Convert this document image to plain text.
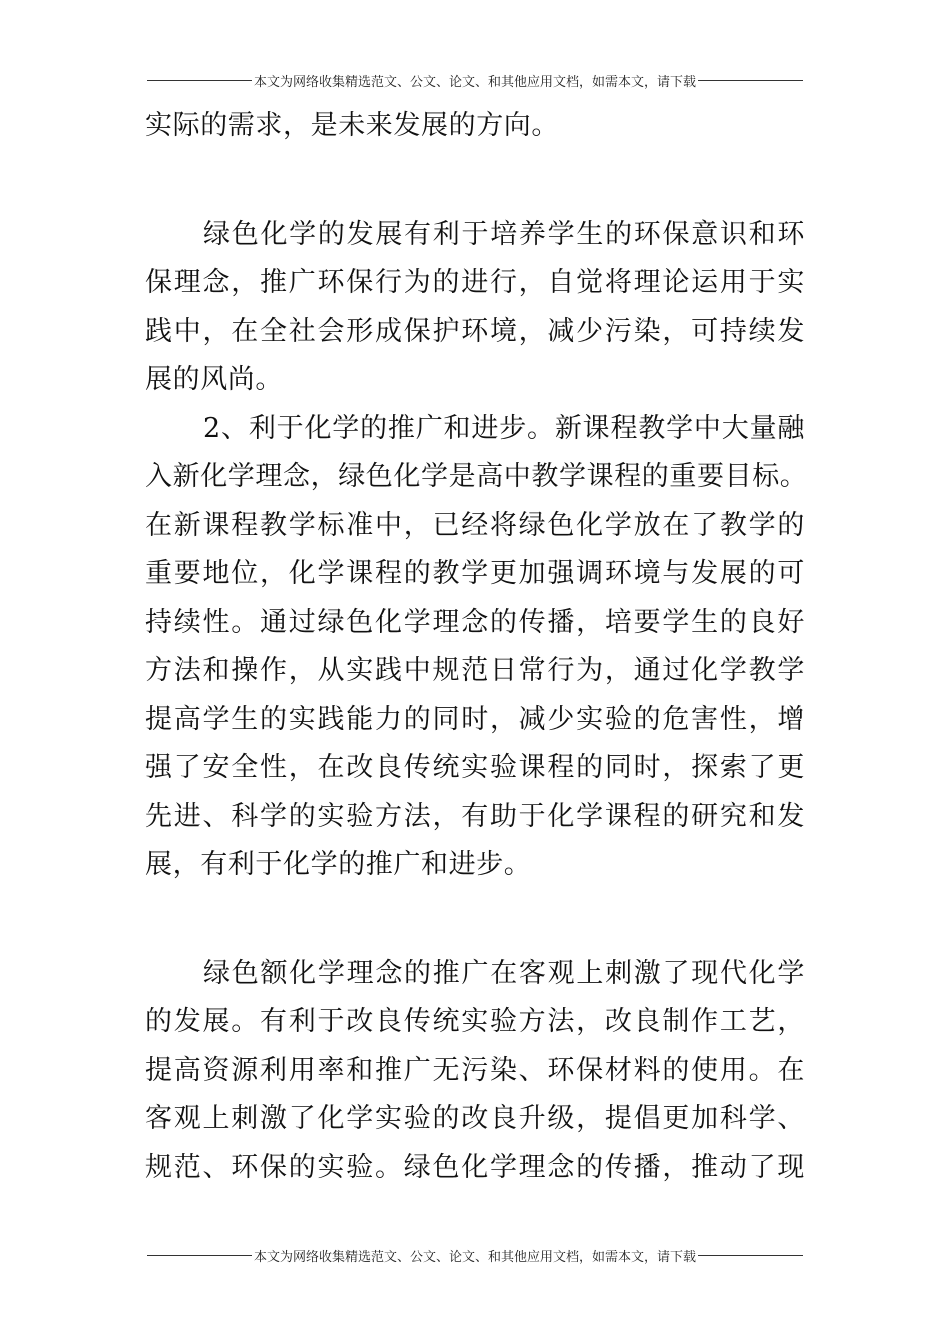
本文为网络收集精选范文、公文、论文、和其他应用文档，如需本文，请下载
实际的需求，是未来发展的方向。
绿色化学的发展有利于培养学生的环保意识和环
保理念，推广环保行为的进行，自觉将理论运用于实
践中，在全社会形成保护环境，减少污染，可持续发
展的风尚。
2、利于化学的推广和进步。新课程教学中大量融
入新化学理念，绿色化学是高中教学课程的重要目标。
在新课程教学标准中，已经将绿色化学放在了教学的
重要地位，化学课程的教学更加强调环境与发展的可
持续性。通过绿色化学理念的传播，培要学生的良好
方法和操作，从实践中规范日常行为，通过化学教学
提高学生的实践能力的同时，减少实验的危害性，增
强了安全性，在改良传统实验课程的同时，探索了更
先进、科学的实验方法，有助于化学课程的研究和发
展，有利于化学的推广和进步。
绿色额化学理念的推广在客观上刺激了现代化学
的发展。有利于改良传统实验方法，改良制作工艺，
提高资源利用率和推广无污染、环保材料的使用。在
客观上刺激了化学实验的改良升级，提倡更加科学、
规范、环保的实验。绿色化学理念的传播，推动了现
本文为网络收集精选范文、公文、论文、和其他应用文档，如需本文，请下载
